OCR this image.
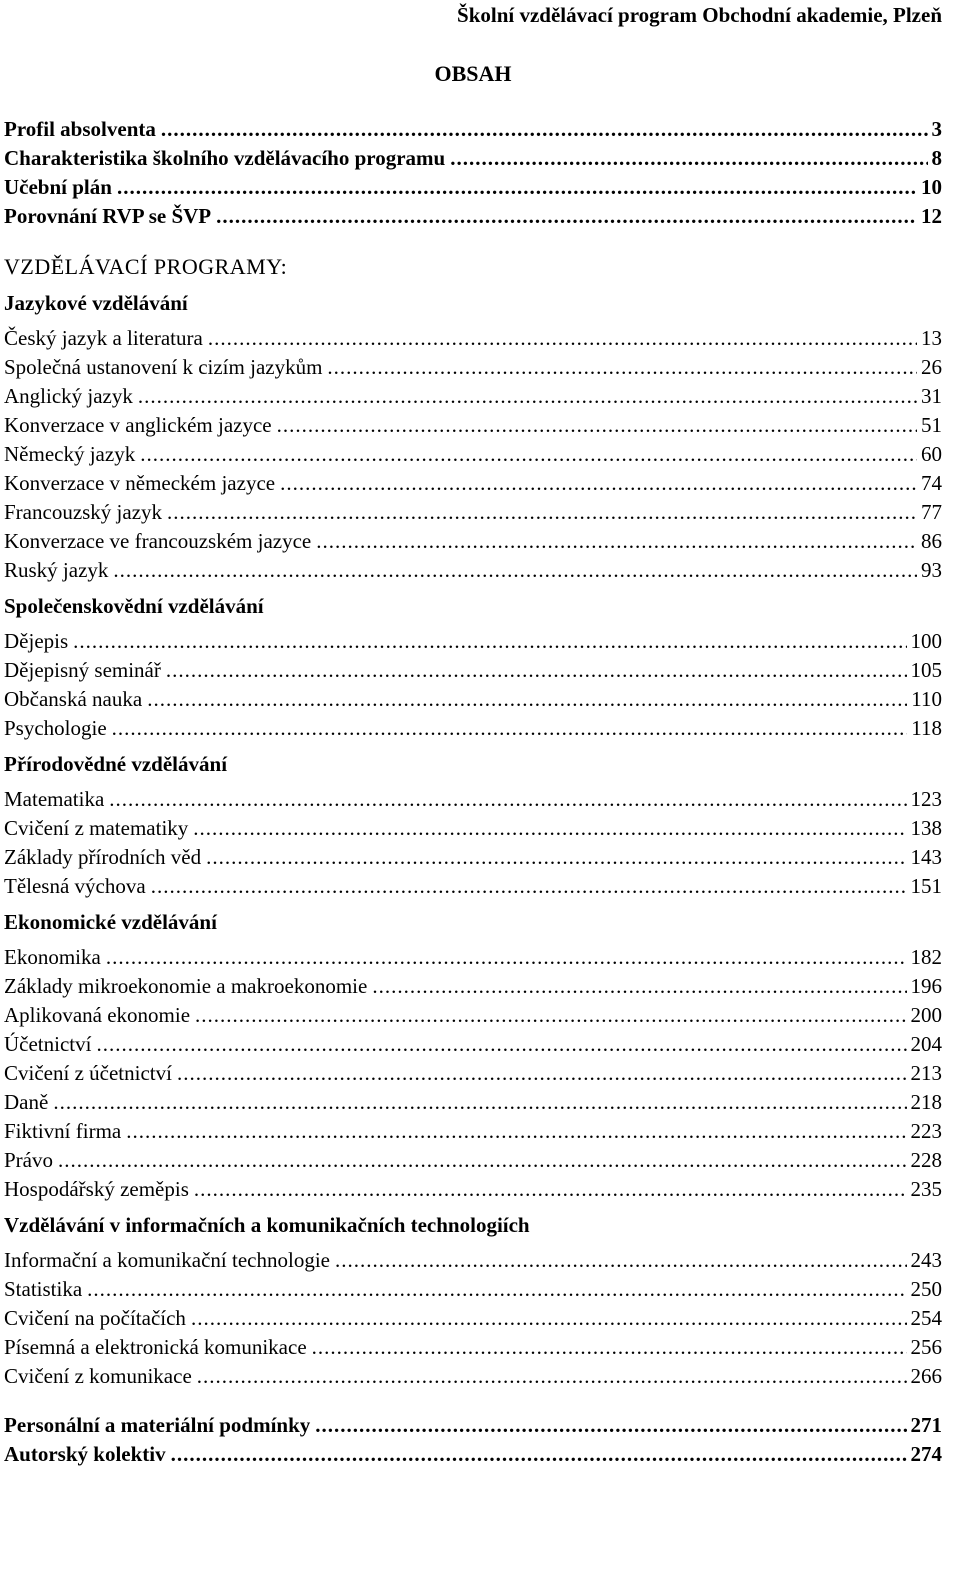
Školní vzdělávací program Obchodní akademie, Plzeň
OBSAH
Profil absolventa .....	3
Charakteristika školního vzdělávacího programu .....	8
Učební plán .....	10
Porovnání RVP se ŠVP .....	12
VZDĚLÁVACÍ PROGRAMY:
Jazykové vzdělávání
Český jazyk a literatura .....	13
Společná ustanovení k cizím jazykům .....	26
Anglický jazyk .....	31
Konverzace v anglickém jazyce .....	51
Německý jazyk .....	60
Konverzace v německém jazyce .....	74
Francouzský jazyk .....	77
Konverzace ve francouzském jazyce .....	86
Ruský jazyk .....	93
Společenskovědní vzdělávání
Dějepis .....	100
Dějepisný seminář .....	105
Občanská nauka .....	110
Psychologie .....	118
Přírodovědné vzdělávání
Matematika .....	123
Cvičení z matematiky .....	138
Základy přírodních věd .....	143
Tělesná výchova .....	151
Ekonomické vzdělávání
Ekonomika .....	182
Základy mikroekonomie a makroekonomie .....	196
Aplikovaná ekonomie .....	200
Účetnictví .....	204
Cvičení z účetnictví .....	213
Daně .....	218
Fiktivní firma .....	223
Právo .....	228
Hospodářský zeměpis .....	235
Vzdělávání v informačních a komunikačních technologiích
Informační a komunikační technologie .....	243
Statistika .....	250
Cvičení na počítačích .....	254
Písemná a elektronická komunikace .....	256
Cvičení z komunikace .....	266
Personální a materiální podmínky .....	271
Autorský kolektiv .....	274
